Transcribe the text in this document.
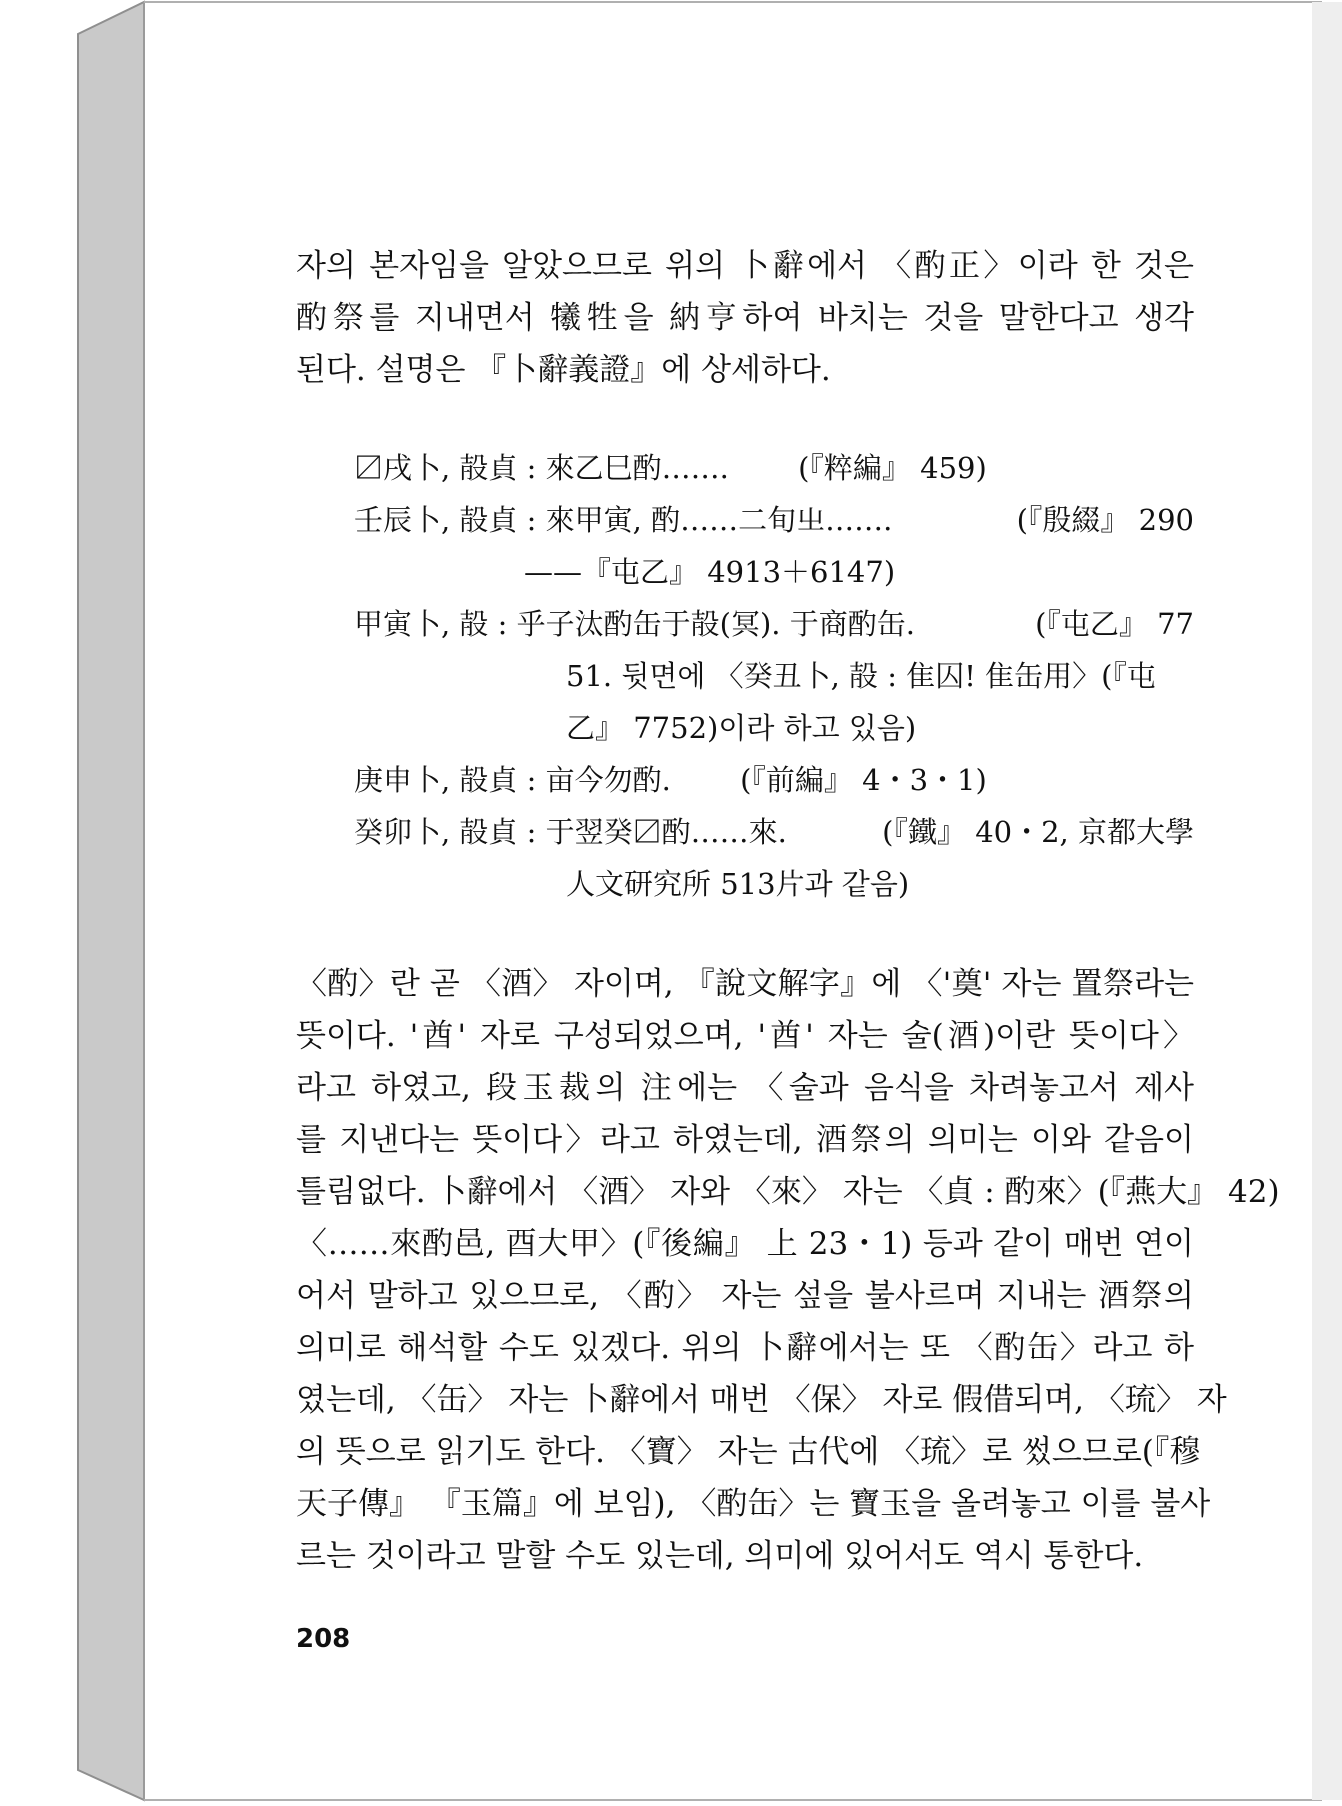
자의 본자임을 알았으므로 위의 卜辭에서 〈酌正〉이라 한 것은
酌祭를 지내면서 犧牲을 納亨하여 바치는 것을 말한다고 생각
된다. 설명은 『卜辭義證』에 상세하다.
〼戌卜, 㱿貞 : 來乙巳酌……. (『粹編』 459)
壬辰卜, 㱿貞 : 來甲寅, 酌……二旬㞢…….	(『殷綴』 290
——『屯乙』 4913＋6147)
甲寅卜, 㱿 : 乎子汰酌缶于㱿(冥). 于商酌缶.	(『屯乙』 77
51. 뒷면에 〈癸丑卜, 㱿 : 隹囚! 隹缶用〉(『屯
乙』 7752)이라 하고 있음)
庚申卜, 㱿貞 : 亩今勿酌. (『前編』 4・3・1)
癸卯卜, 㱿貞 : 于翌癸〼酌……來.	(『鐵』 40・2, 京都大學
人文研究所 513片과 같음)
〈酌〉란 곧 〈酒〉 자이며, 『說文解字』에 〈'奠' 자는 置祭라는
뜻이다. '酋' 자로 구성되었으며, '酋' 자는 술(酒)이란 뜻이다〉
라고 하였고, 段玉裁의 注에는 〈술과 음식을 차려놓고서 제사
를 지낸다는 뜻이다〉라고 하였는데, 酒祭의 의미는 이와 같음이
틀림없다. 卜辭에서 〈酒〉 자와 〈來〉 자는 〈貞 : 酌來〉(『燕大』 42)
〈……來酌邑, 酉大甲〉(『後編』 上 23・1) 등과 같이 매번 연이
어서 말하고 있으므로, 〈酌〉 자는 섶을 불사르며 지내는 酒祭의
의미로 해석할 수도 있겠다. 위의 卜辭에서는 또 〈酌缶〉라고 하
였는데, 〈缶〉 자는 卜辭에서 매번 〈保〉 자로 假借되며, 〈琉〉 자
의 뜻으로 읽기도 한다. 〈寶〉 자는 古代에 〈琉〉로 썼으므로(『穆
天子傳』 『玉篇』에 보임), 〈酌缶〉는 寶玉을 올려놓고 이를 불사
르는 것이라고 말할 수도 있는데, 의미에 있어서도 역시 통한다.
208
